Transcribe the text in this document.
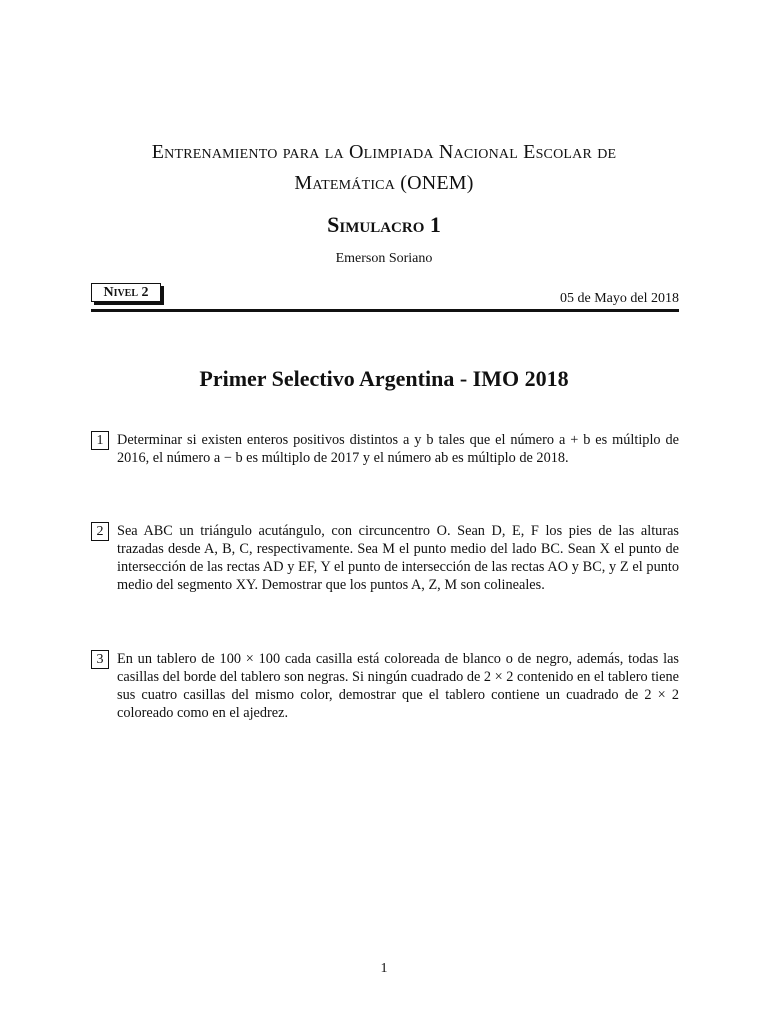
Entrenamiento para la Olimpiada Nacional Escolar de
Matemática (ONEM)
Simulacro 1
Emerson Soriano
Nivel 2	05 de Mayo del 2018
Primer Selectivo Argentina - IMO 2018
1 Determinar si existen enteros positivos distintos a y b tales que el número a + b es múltiplo de 2016, el número a − b es múltiplo de 2017 y el número ab es múltiplo de 2018.
2 Sea ABC un triángulo acutángulo, con circuncentro O. Sean D, E, F los pies de las alturas trazadas desde A, B, C, respectivamente. Sea M el punto medio del lado BC. Sean X el punto de intersección de las rectas AD y EF, Y el punto de intersección de las rectas AO y BC, y Z el punto medio del segmento XY. Demostrar que los puntos A, Z, M son colineales.
3 En un tablero de 100 × 100 cada casilla está coloreada de blanco o de negro, además, todas las casillas del borde del tablero son negras. Si ningún cuadrado de 2 × 2 contenido en el tablero tiene sus cuatro casillas del mismo color, demostrar que el tablero contiene un cuadrado de 2 × 2 coloreado como en el ajedrez.
1
